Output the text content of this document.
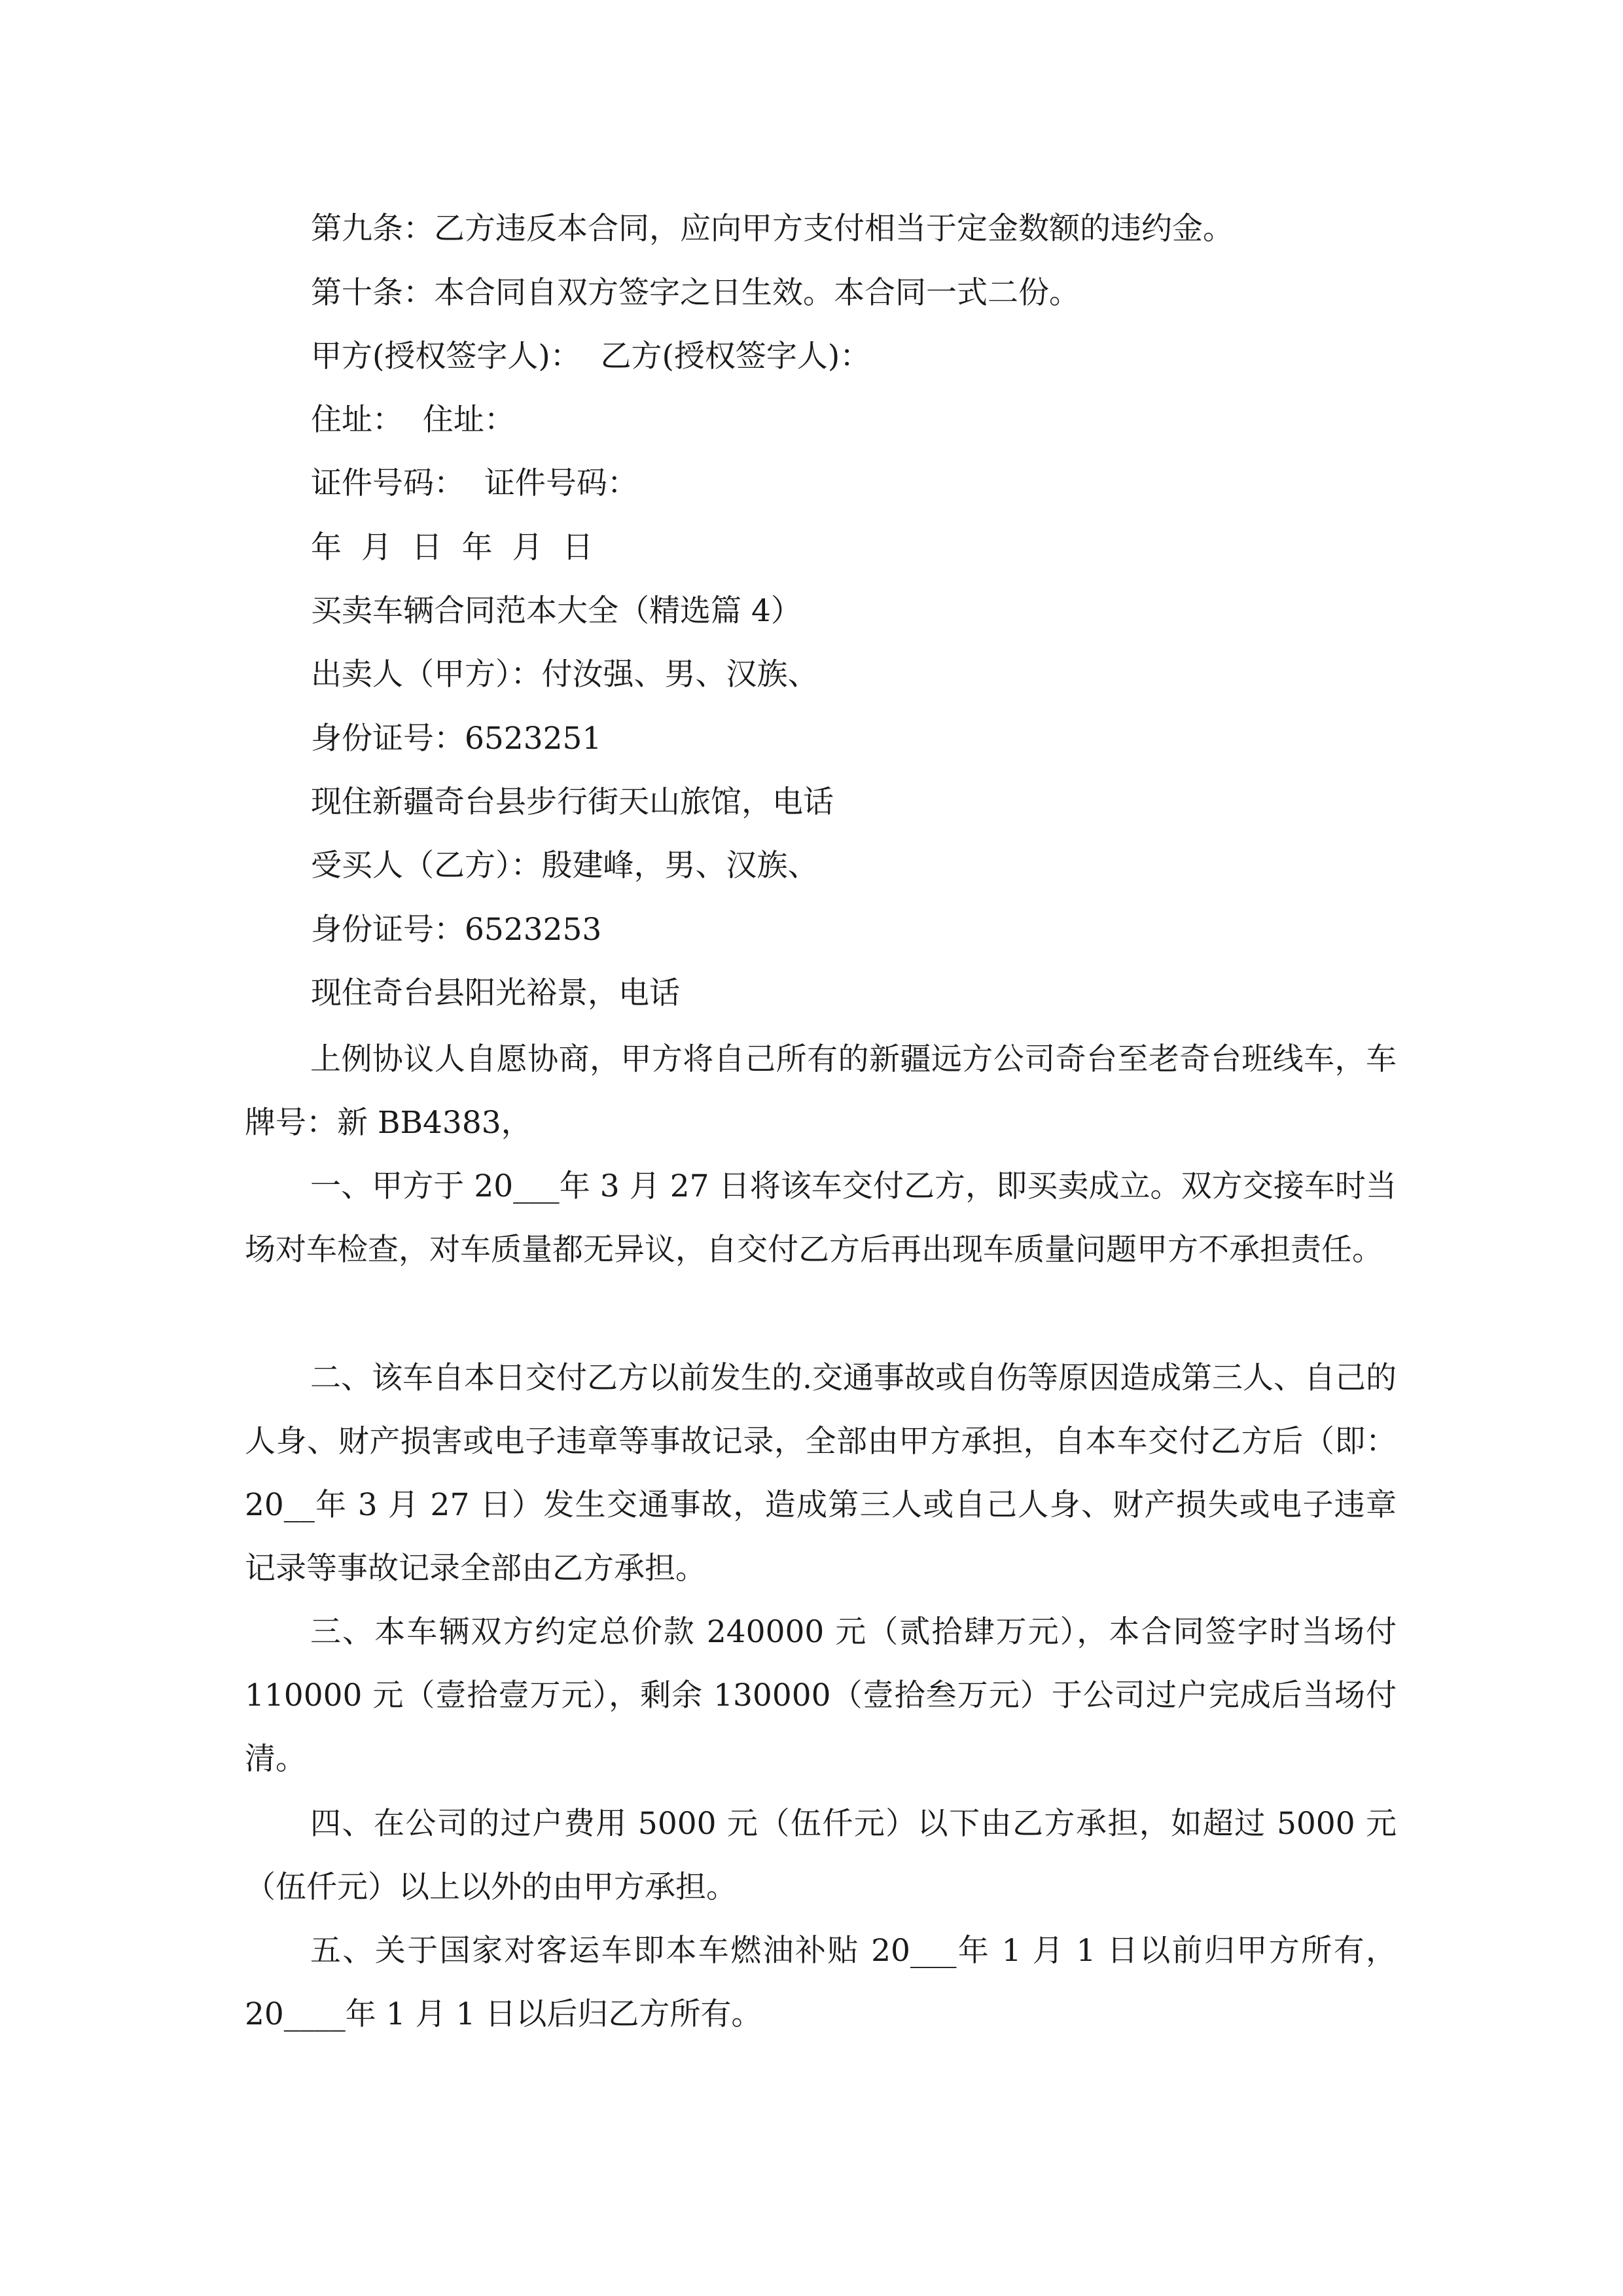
第九条：乙方违反本合同，应向甲方支付相当于定金数额的违约金。

第十条：本合同自双方签字之日生效。本合同一式二份。

甲方(授权签字人)：  乙方(授权签字人)：

住址：  住址：

证件号码：  证件号码：

年  月  日  年  月  日

买卖车辆合同范本大全（精选篇 4）

出卖人（甲方）：付汝强、男、汉族、

身份证号：6523251

现住新疆奇台县步行街天山旅馆，电话

受买人（乙方）：殷建峰，男、汉族、

身份证号：6523253

现住奇台县阳光裕景，电话

上例协议人自愿协商，甲方将自己所有的新疆远方公司奇台至老奇台班线车，车牌号：新 BB4383，

一、甲方于 20___年 3 月 27 日将该车交付乙方，即买卖成立。双方交接车时当场对车检查，对车质量都无异议，自交付乙方后再出现车质量问题甲方不承担责任。

二、该车自本日交付乙方以前发生的.交通事故或自伤等原因造成第三人、自己的人身、财产损害或电子违章等事故记录，全部由甲方承担，自本车交付乙方后（即：20__年 3 月 27 日）发生交通事故，造成第三人或自己人身、财产损失或电子违章记录等事故记录全部由乙方承担。

三、本车辆双方约定总价款 240000 元（贰拾肆万元），本合同签字时当场付 110000 元（壹拾壹万元），剩余 130000（壹拾叁万元）于公司过户完成后当场付清。

四、在公司的过户费用 5000 元（伍仟元）以下由乙方承担，如超过 5000 元（伍仟元）以上以外的由甲方承担。

五、关于国家对客运车即本车燃油补贴 20___年 1 月 1 日以前归甲方所有，20____年 1 月 1 日以后归乙方所有。
